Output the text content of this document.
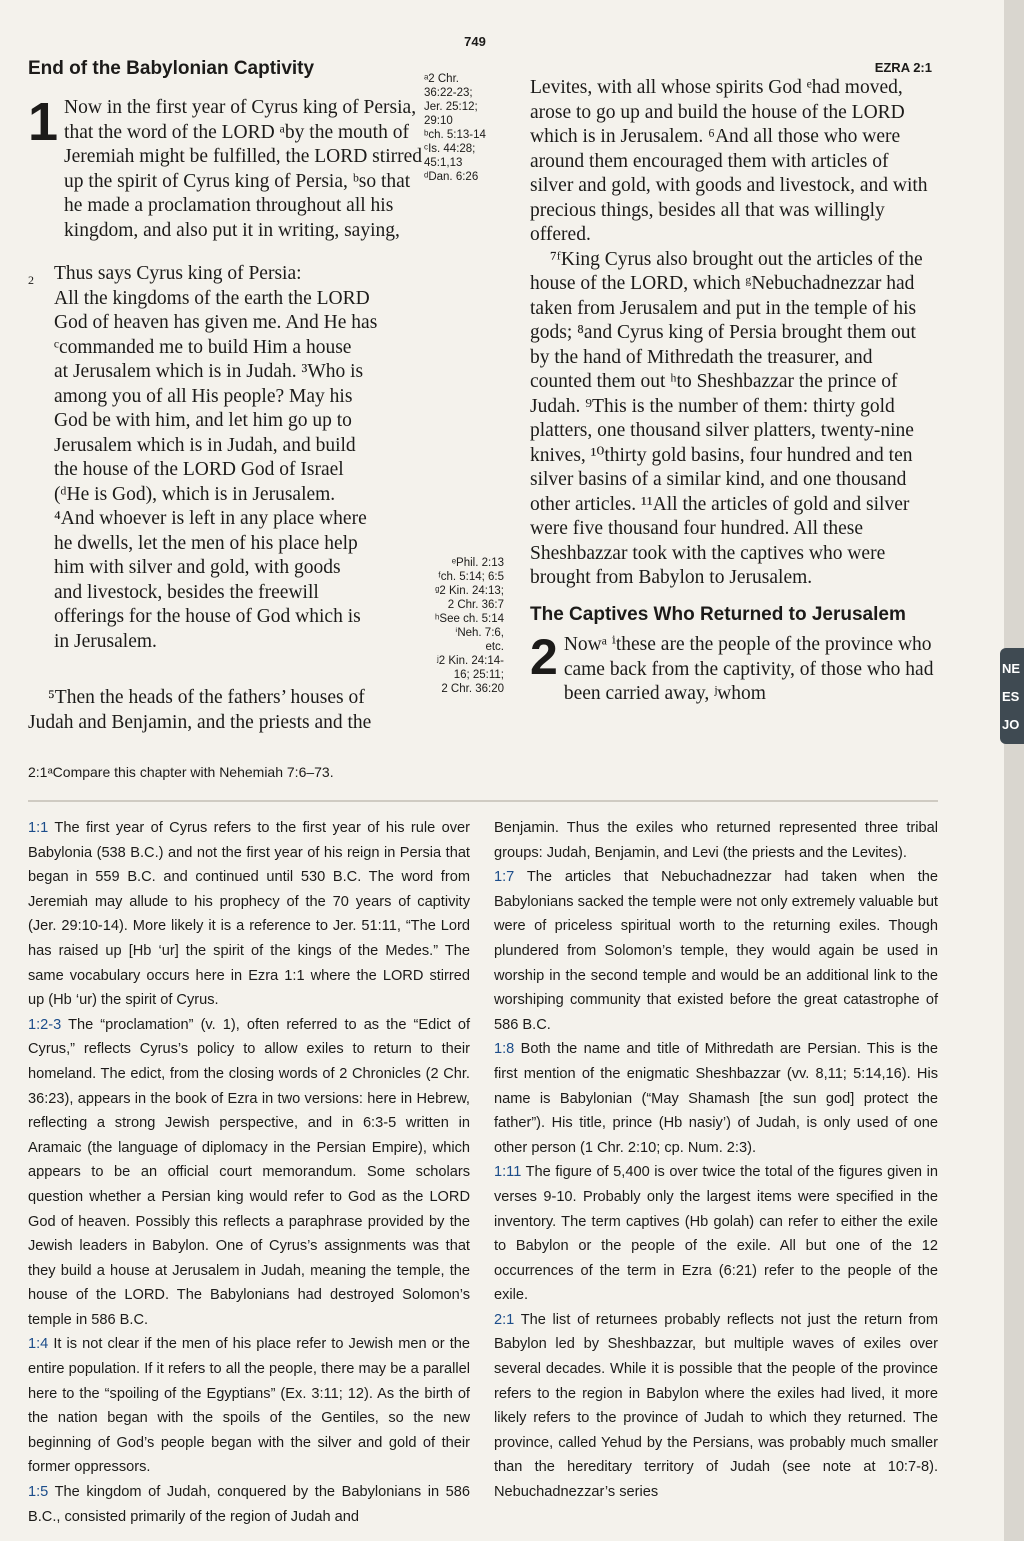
749
EZRA 2:1
End of the Babylonian Captivity
1 Now in the first year of Cyrus king of Persia, that the word of the LORD ᵃby the mouth of Jeremiah might be fulfilled, the LORD stirred up the spirit of Cyrus king of Persia, ᵇso that he made a proclamation throughout all his kingdom, and also put it in writing, saying,

ᵃ2 Chr.
36:22-23;
Jer. 25:12;
29:10
ᵇch. 5:13-14
ᶜIs. 44:28;
45:1,13
ᵈDan. 6:26
2	Thus says Cyrus king of Persia:

All the kingdoms of the earth the LORD

God of heaven has given me. And He has

ᶜcommanded me to build Him a house

at Jerusalem which is in Judah. ³Who is

among you of all His people? May his

God be with him, and let him go up to

Jerusalem which is in Judah, and build

the house of the LORD God of Israel

(ᵈHe is God), which is in Jerusalem.

⁴And whoever is left in any place where

he dwells, let the men of his place help

him with silver and gold, with goods

and livestock, besides the freewill

offerings for the house of God which is

in Jerusalem.

⁵Then the heads of the fathers’ houses of

Judah and Benjamin, and the priests and the

ᵉPhil. 2:13
ᶠch. 5:14; 6:5
ᵍ2 Kin. 24:13;
2 Chr. 36:7
ʰSee ch. 5:14
ⁱNeh. 7:6,
etc.
ʲ2 Kin. 24:14-
16; 25:11;
2 Chr. 36:20

Levites, with all whose spirits God ᵉhad moved, arose to go up and build the house of the LORD which is in Jerusalem. ⁶And all those who were around them encouraged them with articles of silver and gold, with goods and livestock, and with precious things, besides all that was willingly offered.

⁷ᶠKing Cyrus also brought out the articles of the house of the LORD, which ᵍNebuchadnezzar had taken from Jerusalem and put in the temple of his gods; ⁸and Cyrus king of Persia brought them out by the hand of Mithredath the treasurer, and counted them out ʰto Sheshbazzar the prince of Judah. ⁹This is the number of them: thirty gold platters, one thousand silver platters, twenty-nine knives, ¹⁰thirty gold basins, four hundred and ten silver basins of a similar kind, and one thousand other articles. ¹¹All the articles of gold and silver were five thousand four hundred. All these Sheshbazzar took with the captives who were brought from Babylon to Jerusalem.

The Captives Who Returned to Jerusalem
2 Nowᵃ ⁱthese are the people of the province who came back from the captivity, of those who had been carried away, ʲwhom

2:1ᵃCompare this chapter with Nehemiah 7:6–73.

1:1 The first year of Cyrus refers to the first year of his rule over Babylonia (538 B.C.) and not the first year of his reign in Persia that began in 559 B.C. and continued until 530 B.C. The word from Jeremiah may allude to his prophecy of the 70 years of captivity (Jer. 29:10-14). More likely it is a reference to Jer. 51:11, “The Lord has raised up [Hb ‘ur] the spirit of the kings of the Medes.” The same vocabulary occurs here in Ezra 1:1 where the LORD stirred up (Hb ‘ur) the spirit of Cyrus.

1:2-3 The “proclamation” (v. 1), often referred to as the “Edict of Cyrus,” reflects Cyrus’s policy to allow exiles to return to their homeland. The edict, from the closing words of 2 Chronicles (2 Chr. 36:23), appears in the book of Ezra in two versions: here in Hebrew, reflecting a strong Jewish perspective, and in 6:3-5 written in Aramaic (the language of diplomacy in the Persian Empire), which appears to be an official court memorandum. Some scholars question whether a Persian king would refer to God as the LORD God of heaven. Possibly this reflects a paraphrase provided by the Jewish leaders in Babylon. One of Cyrus’s assignments was that they build a house at Jerusalem in Judah, meaning the temple, the house of the LORD. The Babylonians had destroyed Solomon’s temple in 586 B.C.

1:4 It is not clear if the men of his place refer to Jewish men or the entire population. If it refers to all the people, there may be a parallel here to the “spoiling of the Egyptians” (Ex. 3:11; 12). As the birth of the nation began with the spoils of the Gentiles, so the new beginning of God’s people began with the silver and gold of their former oppressors.

1:5 The kingdom of Judah, conquered by the Babylonians in 586 B.C., consisted primarily of the region of Judah and

Benjamin. Thus the exiles who returned represented three tribal groups: Judah, Benjamin, and Levi (the priests and the Levites).

1:7 The articles that Nebuchadnezzar had taken when the Babylonians sacked the temple were not only extremely valuable but were of priceless spiritual worth to the returning exiles. Though plundered from Solomon’s temple, they would again be used in worship in the second temple and would be an additional link to the worshiping community that existed before the great catastrophe of 586 B.C.

1:8 Both the name and title of Mithredath are Persian. This is the first mention of the enigmatic Sheshbazzar (vv. 8,11; 5:14,16). His name is Babylonian (“May Shamash [the sun god] protect the father”). His title, prince (Hb nasiy’) of Judah, is only used of one other person (1 Chr. 2:10; cp. Num. 2:3).

1:11 The figure of 5,400 is over twice the total of the figures given in verses 9-10. Probably only the largest items were specified in the inventory. The term captives (Hb golah) can refer to either the exile to Babylon or the people of the exile. All but one of the 12 occurrences of the term in Ezra (6:21) refer to the people of the exile.

2:1 The list of returnees probably reflects not just the return from Babylon led by Sheshbazzar, but multiple waves of exiles over several decades. While it is possible that the people of the province refers to the region in Babylon where the exiles had lived, it more likely refers to the province of Judah to which they returned. The province, called Yehud by the Persians, was probably much smaller than the hereditary territory of Judah (see note at 10:7-8). Nebuchadnezzar’s series

NE
ES
JO
